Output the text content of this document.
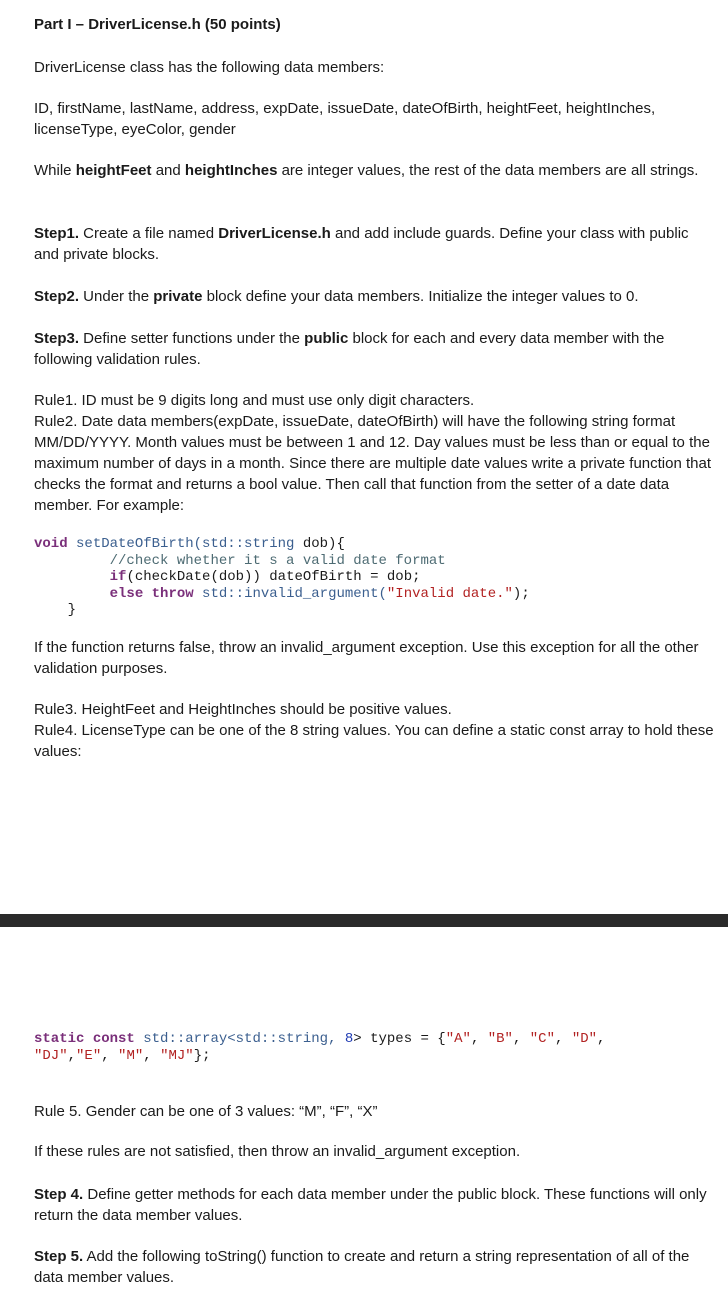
Part I – DriverLicense.h (50 points)

DriverLicense class has the following data members:

ID, firstName, lastName, address, expDate, issueDate, dateOfBirth, heightFeet, heightInches, licenseType, eyeColor, gender

While heightFeet and heightInches are integer values, the rest of the data members are all strings.

Step1. Create a file named DriverLicense.h and add include guards. Define your class with public and private blocks.

Step2. Under the private block define your data members. Initialize the integer values to 0.

Step3. Define setter functions under the public block for each and every data member with the following validation rules.

Rule1. ID must be 9 digits long and must use only digit characters.

Rule2. Date data members(expDate, issueDate, dateOfBirth) will have the following string format MM/DD/YYYY. Month values must be between 1 and 12. Day values must be less than or equal to the maximum number of days in a month. Since there are multiple date values write a private function that checks the format and returns a bool value. Then call that function from the setter of a date data member. For example:

void setDateOfBirth(std::string dob){
//check whether it s a valid date format
if(checkDate(dob)) dateOfBirth = dob;
else throw std::invalid_argument("Invalid date.");
}

If the function returns false, throw an invalid_argument exception. Use this exception for all the other validation purposes.

Rule3. HeightFeet and HeightInches should be positive values.

Rule4. LicenseType can be one of the 8 string values. You can define a static const array to hold these values:

static const std::array<std::string, 8> types = {"A", "B", "C", "D",
"DJ","E", "M", "MJ"};

Rule 5. Gender can be one of 3 values: “M”, “F”, “X”

If these rules are not satisfied, then throw an invalid_argument exception.

Step 4. Define getter methods for each data member under the public block. These functions will only return the data member values.

Step 5. Add the following toString() function to create and return a string representation of all of the data member values.
